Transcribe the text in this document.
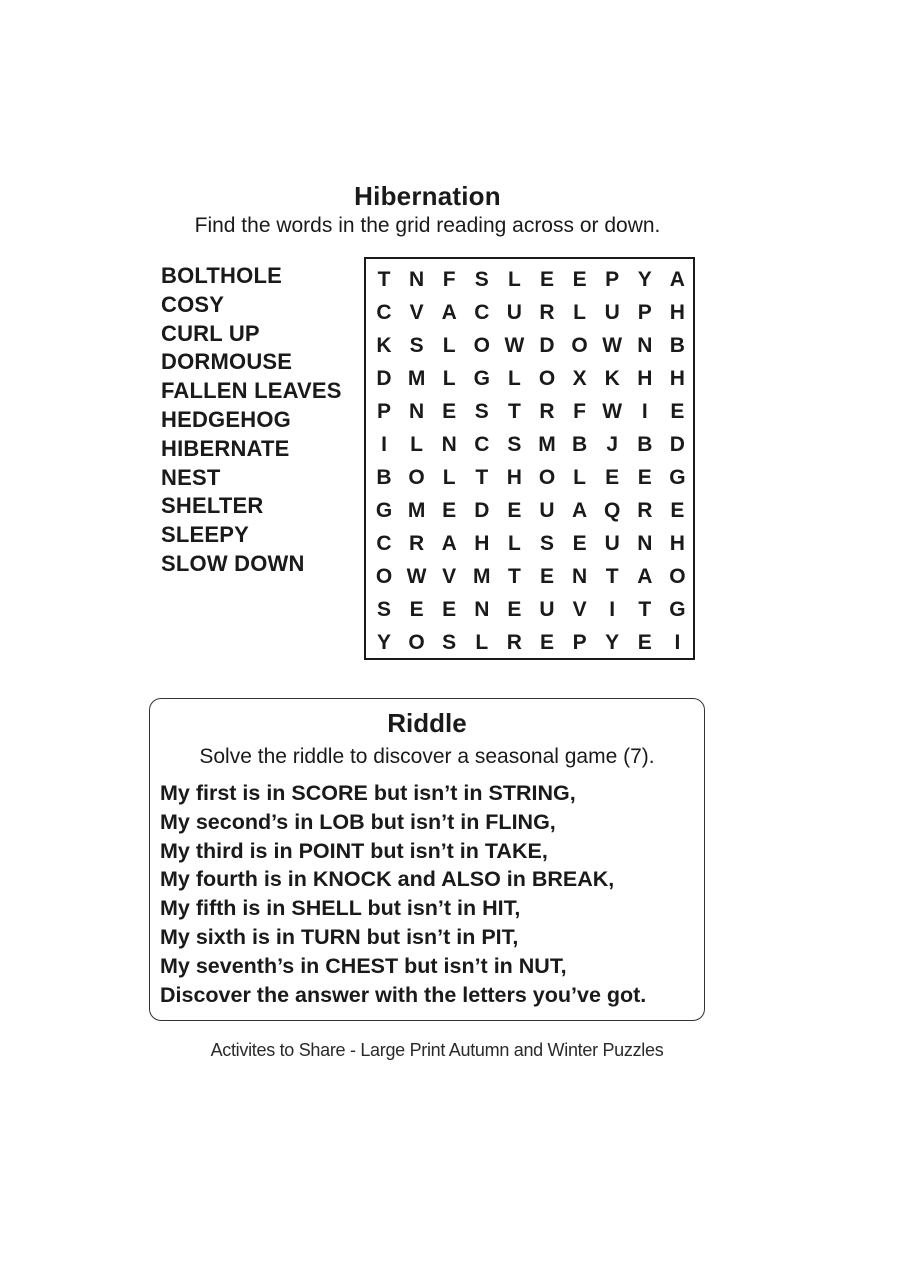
Hibernation
Find the words in the grid reading across or down.
BOLTHOLE
COSY
CURL UP
DORMOUSE
FALLEN LEAVES
HEDGEHOG
HIBERNATE
NEST
SHELTER
SLEEPY
SLOW DOWN
T N F S L E E P Y A
C V A C U R L U P H
K S L O W D O W N B
D M L G L O X K H H
P N E S T R F W I	E
I	L N C S M B J B D
B O L T H O L E E G
G M E D E U A Q R E
C R A H L S E U N H
O W V M T E N T A O
S E E N E U V	I	T G
Y O S L R E P Y E	I
Riddle
Solve the riddle to discover a seasonal game (7).
My first is in SCORE but isn’t in STRING,
My second’s in LOB but isn’t in FLING,
My third is in POINT but isn’t in TAKE,
My fourth is in KNOCK and ALSO in BREAK,
My fifth is in SHELL but isn’t in HIT,
My sixth is in TURN but isn’t in PIT,
My seventh’s in CHEST but isn’t in NUT,
Discover the answer with the letters you’ve got.
Activites to Share - Large Print Autumn and Winter Puzzles
